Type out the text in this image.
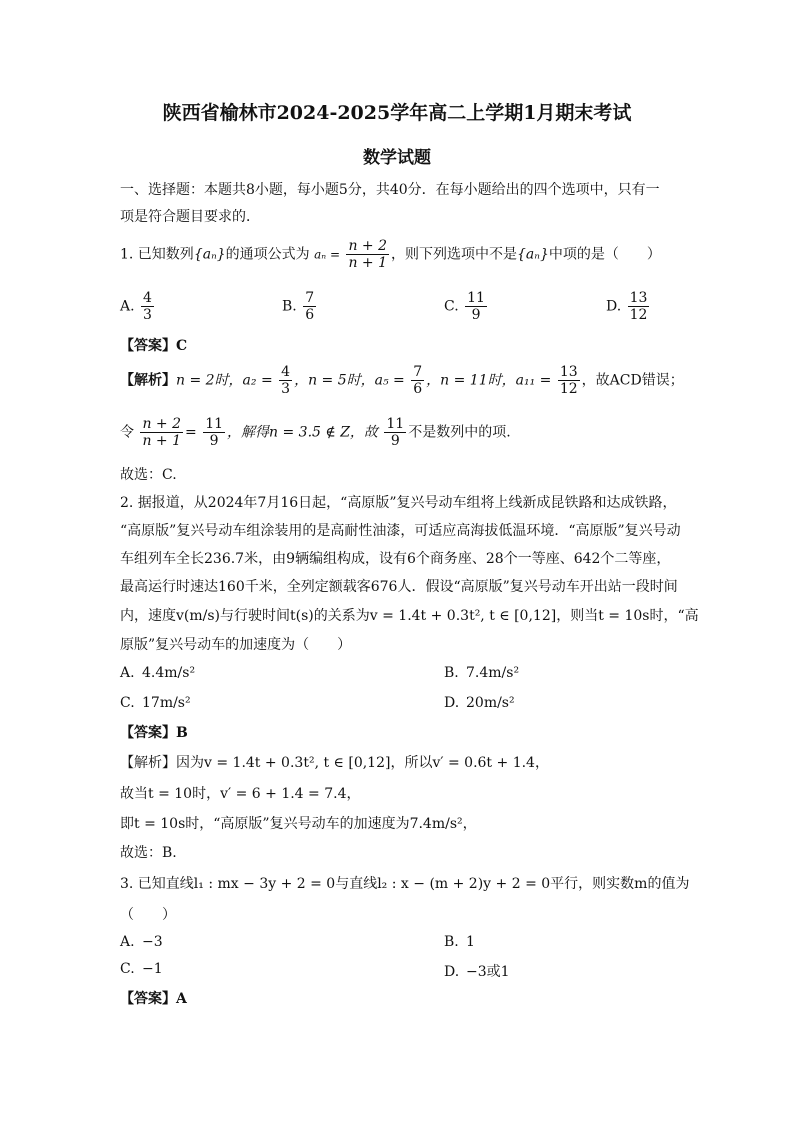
陕西省榆林市2024-2025学年高二上学期1月期末考试
数学试题
一、选择题：本题共8小题，每小题5分，共40分．在每小题给出的四个选项中，只有一
项是符合题目要求的．
1. 已知数列{aₙ}的通项公式为 $a_n = \frac{n + 2}{n + 1}$ ，则下列选项中不是{aₙ}中项的是（　　）
A. $\frac{4}{3}$	B. $\frac{7}{6}$	C. $\frac{11}{9}$	D. $\frac{13}{12}$
【答案】C
【解析】n = 2时，$a_2 = \frac{4}{3}$ ，n = 5时，$a_5 = \frac{7}{6}$ ，n = 11时，$a_{11} = \frac{13}{12}$ ，故ACD错误；
令 $\frac{n + 2}{n + 1} = \frac{11}{9}$ ，解得n = 3.5 ∉ Z，故 $\frac{11}{9}$ 不是数列中的项.
故选：C.
2. 据报道，从2024年7月16日起，“高原版”复兴号动车组将上线新成昆铁路和达成铁路，
“高原版”复兴号动车组涂装用的是高耐性油漆，可适应高海拔低温环境．“高原版”复兴号动
车组列车全长236.7米，由9辆编组构成，设有6个商务座、28个一等座、642个二等座，
最高运行时速达160千米，全列定额载客676人．假设“高原版”复兴号动车开出站一段时间
内，速度v(m/s)与行驶时间t(s)的关系为v = 1.4t + 0.3t², t ∈ [0,12]，则当t = 10s时，“高
原版”复兴号动车的加速度为（　　）
A. 4.4m/s²	B. 7.4m/s²
C. 17m/s²	D. 20m/s²
【答案】B
【解析】因为v = 1.4t + 0.3t², t ∈ [0,12]，所以v′ = 0.6t + 1.4，
故当t = 10时，v′ = 6 + 1.4 = 7.4，
即t = 10s时，“高原版”复兴号动车的加速度为7.4m/s²，
故选：B.
3. 已知直线l₁ : mx − 3y + 2 = 0与直线l₂ : x − (m + 2)y + 2 = 0平行，则实数m的值为
（　　）
A. −3	B. 1
C. −1	D. −3或1
【答案】A
